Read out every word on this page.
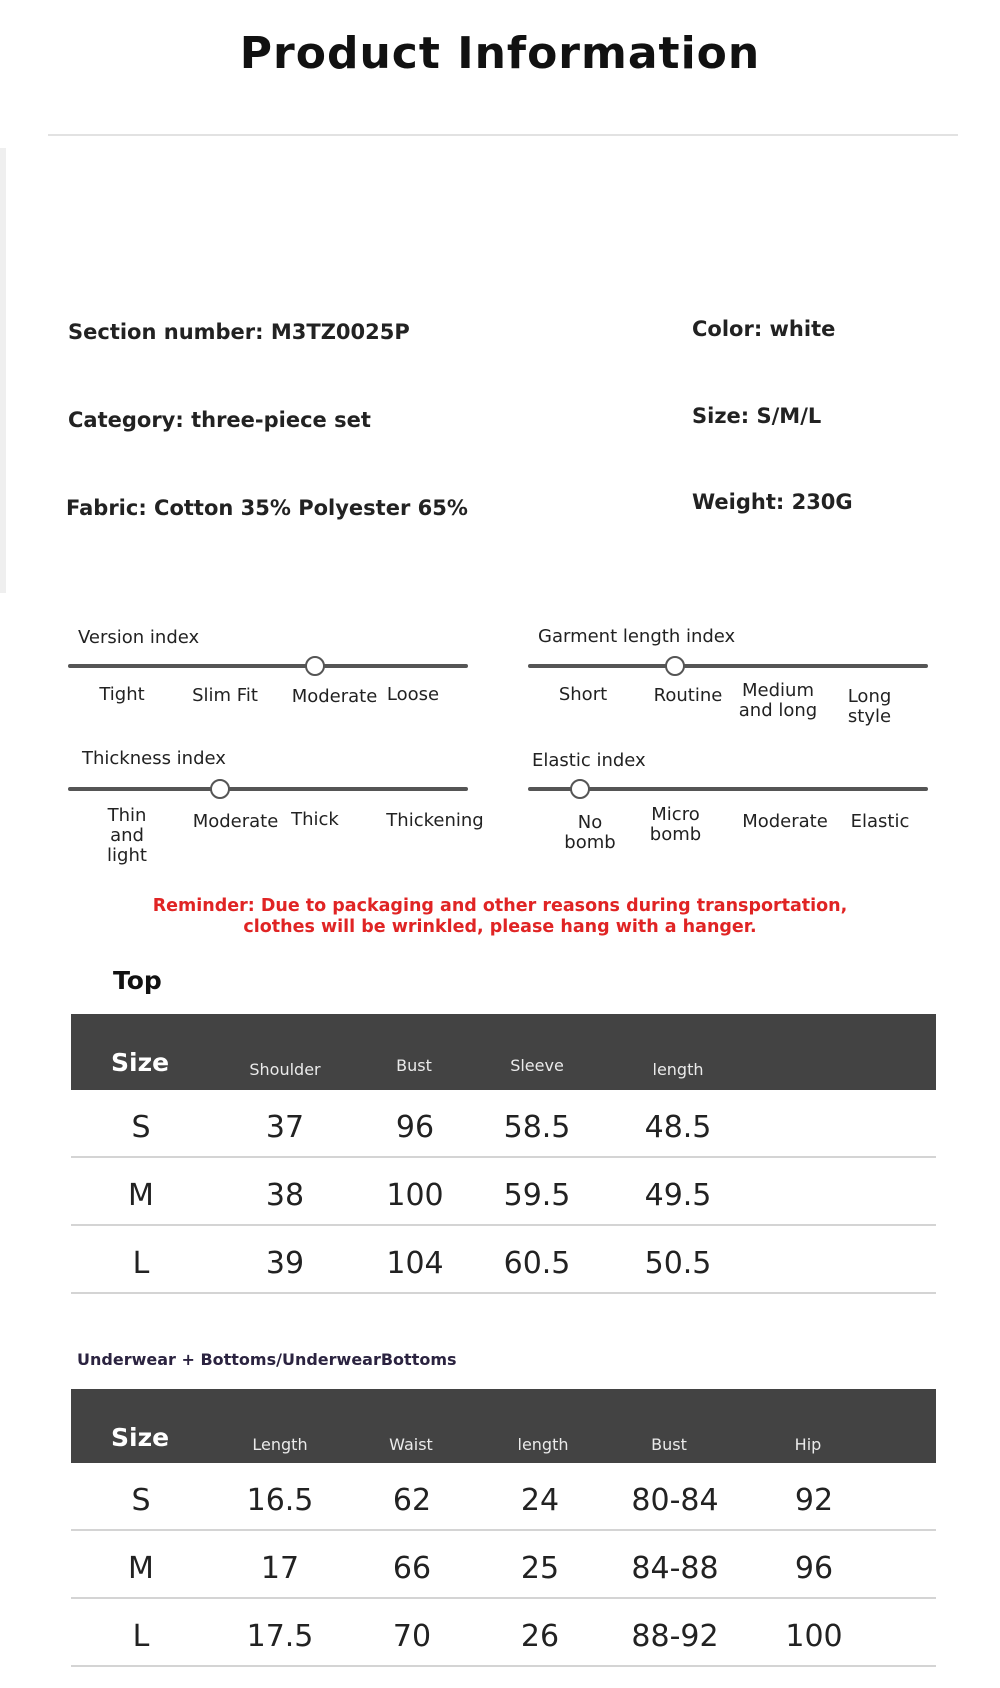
Product Information
Section number: M3TZ0025P
Category: three-piece set
Fabric: Cotton 35% Polyester 65%
Color: white
Size: S/M/L
Weight: 230G
Version index
Tight	Slim Fit	Moderate Loose
Garment length index
Short	Routine	Medium
and long
Long
style
Thickness index
Thin
and
light
Moderate Thick	Thickening
Elastic index
No
bomb
Micro
bomb
Moderate	Elastic
Reminder: Due to packaging and other reasons during transportation, clothes will be wrinkled, please hang with a hanger.
Top
Size	Shoulder	Bust	Sleeve	length
S	37	96 58.5 48.5
M	38	100 59.5 49.5
L	39	104 60.5 50.5
Underwear + Bottoms/UnderwearBottoms
Size	Length	Waist	length	Bust	Hip
S	16.5	62	24 80-84	92
M	17	66	25 84-88	96
L	17.5	70	26 88-92 100
